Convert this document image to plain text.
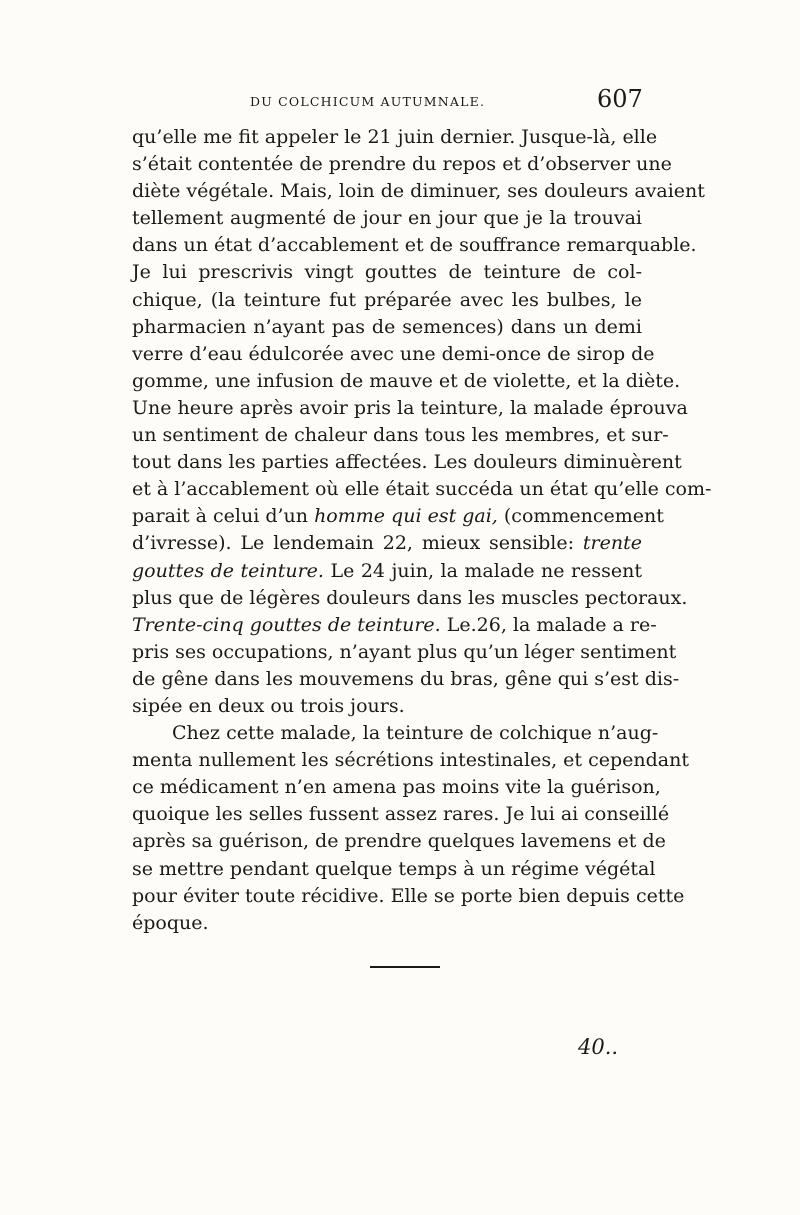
DU COLCHICUM AUTUMNALE.	607
qu’elle me fit appeler le 21 juin dernier. Jusque-là, elle
s’était contentée de prendre du repos et d’observer une
diète végétale. Mais, loin de diminuer, ses douleurs avaient
tellement augmenté de jour en jour que je la trouvai
dans un état d’accablement et de souffrance remarquable.
Je lui prescrivis vingt gouttes de teinture de col-
chique, (la teinture fut préparée avec les bulbes, le
pharmacien n’ayant pas de semences) dans un demi
verre d’eau édulcorée avec une demi-once de sirop de
gomme, une infusion de mauve et de violette, et la diète.
Une heure après avoir pris la teinture, la malade éprouva
un sentiment de chaleur dans tous les membres, et sur-
tout dans les parties affectées. Les douleurs diminuèrent
et à l’accablement où elle était succéda un état qu’elle com-
parait à celui d’un homme qui est gai, (commencement
d’ivresse). Le lendemain 22, mieux sensible: trente
gouttes de teinture. Le 24 juin, la malade ne ressent
plus que de légères douleurs dans les muscles pectoraux.
Trente-cinq gouttes de teinture. Le.26, la malade a re-
pris ses occupations, n’ayant plus qu’un léger sentiment
de gêne dans les mouvemens du bras, gêne qui s’est dis-
sipée en deux ou trois jours.
Chez cette malade, la teinture de colchique n’aug-
menta nullement les sécrétions intestinales, et cependant
ce médicament n’en amena pas moins vite la guérison,
quoique les selles fussent assez rares. Je lui ai conseillé
après sa guérison, de prendre quelques lavemens et de
se mettre pendant quelque temps à un régime végétal
pour éviter toute récidive. Elle se porte bien depuis cette
époque.
40..
